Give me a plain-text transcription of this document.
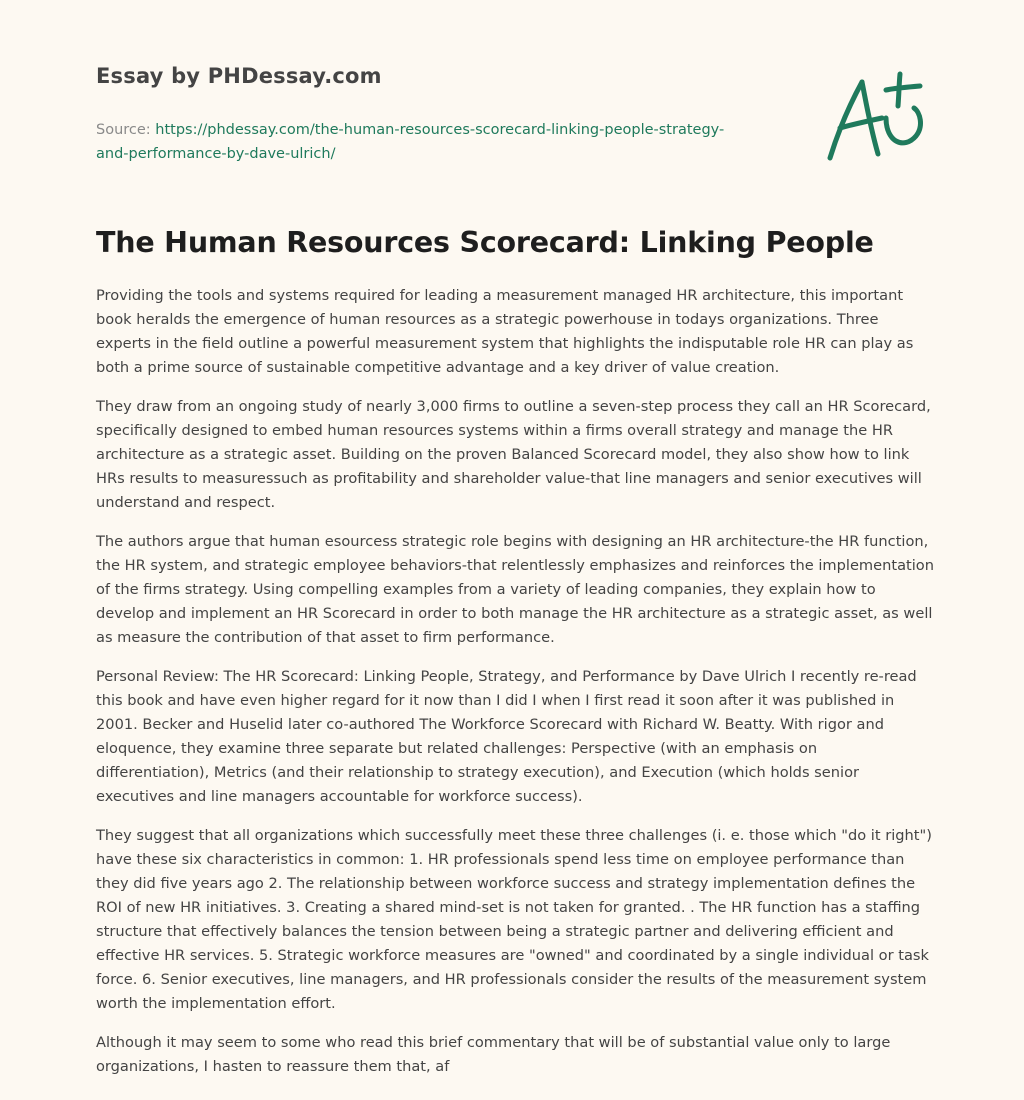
Essay by PHDessay.com
Source: https://phdessay.com/the-human-resources-scorecard-linking-people-strategy-
and-performance-by-dave-ulrich/
The Human Resources Scorecard: Linking People

Providing the tools and systems required for leading a measurement managed HR architecture, this important book heralds the emergence of human resources as a strategic powerhouse in todays organizations. Three experts in the field outline a powerful measurement system that highlights the indisputable role HR can play as both a prime source of sustainable competitive advantage and a key driver of value creation.

They draw from an ongoing study of nearly 3,000 firms to outline a seven-step process they call an HR Scorecard, specifically designed to embed human resources systems within a firms overall strategy and manage the HR architecture as a strategic asset. Building on the proven Balanced Scorecard model, they also show how to link HRs results to measuressuch as profitability and shareholder value-that line managers and senior executives will understand and respect.

The authors argue that human esourcess strategic role begins with designing an HR architecture-the HR function, the HR system, and strategic employee behaviors-that relentlessly emphasizes and reinforces the implementation of the firms strategy. Using compelling examples from a variety of leading companies, they explain how to develop and implement an HR Scorecard in order to both manage the HR architecture as a strategic asset, as well as measure the contribution of that asset to firm performance.

Personal Review: The HR Scorecard: Linking People, Strategy, and Performance by Dave Ulrich I recently re-read this book and have even higher regard for it now than I did I when I first read it soon after it was published in 2001. Becker and Huselid later co-authored The Workforce Scorecard with Richard W. Beatty. With rigor and eloquence, they examine three separate but related challenges: Perspective (with an emphasis on differentiation), Metrics (and their relationship to strategy execution), and Execution (which holds senior executives and line managers accountable for workforce success).

They suggest that all organizations which successfully meet these three challenges (i. e. those which "do it right") have these six characteristics in common: 1. HR professionals spend less time on employee performance than they did five years ago 2. The relationship between workforce success and strategy implementation defines the ROI of new HR initiatives. 3. Creating a shared mind-set is not taken for granted. . The HR function has a staffing structure that effectively balances the tension between being a strategic partner and delivering efficient and effective HR services. 5. Strategic workforce measures are "owned" and coordinated by a single individual or task force. 6. Senior executives, line managers, and HR professionals consider the results of the measurement system worth the implementation effort.

Although it may seem to some who read this brief commentary that will be of substantial value only to large organizations, I hasten to reassure them that, af
